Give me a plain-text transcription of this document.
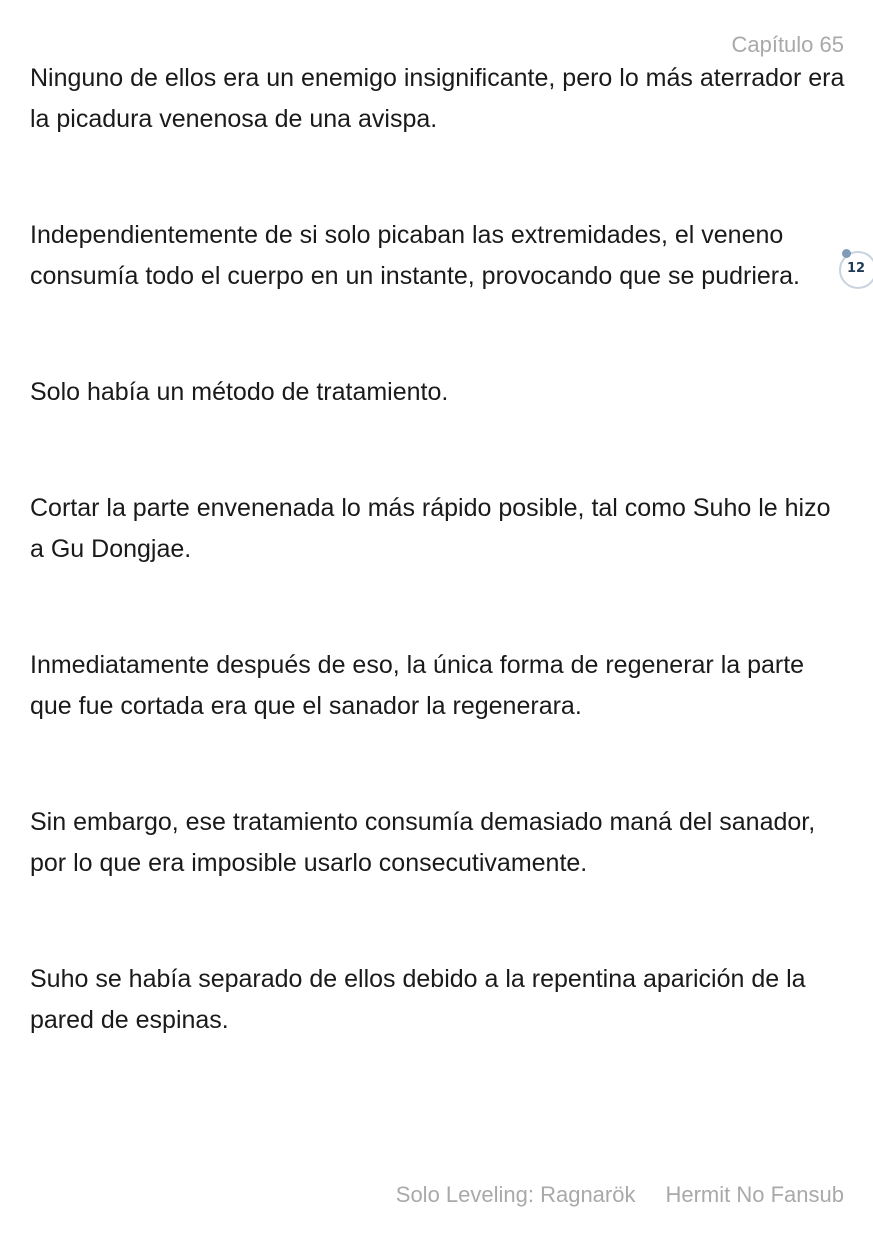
Capítulo 65

Ninguno de ellos era un enemigo insignificante, pero lo más aterrador era la picadura venenosa de una avispa.

Independientemente de si solo picaban las extremidades, el veneno consumía todo el cuerpo en un instante, provocando que se pudriera.

Solo había un método de tratamiento.

Cortar la parte envenenada lo más rápido posible, tal como Suho le hizo a Gu Dongjae.

Inmediatamente después de eso, la única forma de regenerar la parte que fue cortada era que el sanador la regenerara.

Sin embargo, ese tratamiento consumía demasiado maná del sanador, por lo que era imposible usarlo consecutivamente.

Suho se había separado de ellos debido a la repentina aparición de la pared de espinas.

12
Solo Leveling: Ragnarök Hermit No Fansub
